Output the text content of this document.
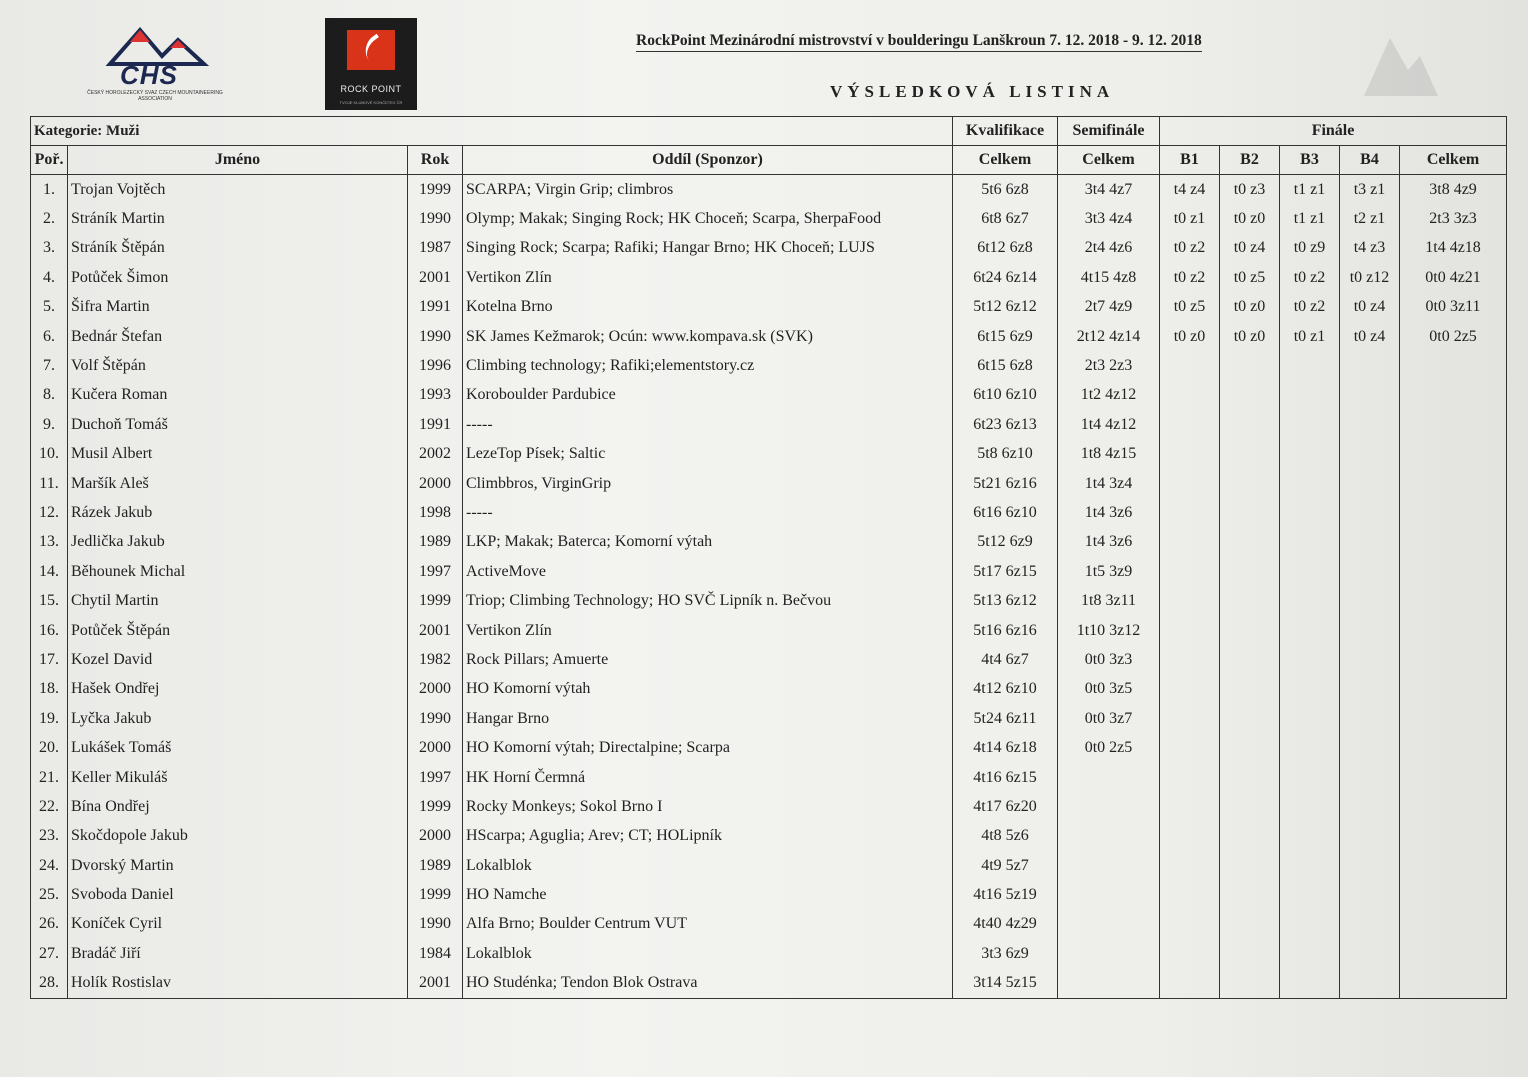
CHS
ČESKÝ HOROLEZECKÝ SVAZ CZECH MOUNTAINEERING ASSOCIATION
ROCK POINT
TVOJE KLUBOVÉ KONČETEX ČR
RockPoint Mezinárodní mistrovství v boulderingu Lanškroun 7. 12. 2018 - 9. 12. 2018
VÝSLEDKOVÁ LISTINA
Kategorie: Muži				Kvalifikace	Semifinále	Finále				
Poř.	Jméno	Rok	Oddíl (Sponzor)	Celkem	Celkem	B1	B2	B3	B4	Celkem
1.	Trojan Vojtěch	1999	SCARPA; Virgin Grip; climbros	5t6 6z8	3t4 4z7	t4 z4	t0 z3	t1 z1	t3 z1	3t8 4z9
2.	Stráník Martin	1990	Olymp; Makak; Singing Rock; HK Choceň; Scarpa, SherpaFood	6t8 6z7	3t3 4z4	t0 z1	t0 z0	t1 z1	t2 z1	2t3 3z3
3.	Stráník Štěpán	1987	Singing Rock; Scarpa; Rafiki; Hangar Brno; HK Choceň; LUJS	6t12 6z8	2t4 4z6	t0 z2	t0 z4	t0 z9	t4 z3	1t4 4z18
4.	Potůček Šimon	2001	Vertikon Zlín	6t24 6z14	4t15 4z8	t0 z2	t0 z5	t0 z2	t0 z12	0t0 4z21
5.	Šifra Martin	1991	Kotelna Brno	5t12 6z12	2t7 4z9	t0 z5	t0 z0	t0 z2	t0 z4	0t0 3z11
6.	Bednár Štefan	1990	SK James Kežmarok; Ocún: www.kompava.sk (SVK)	6t15 6z9	2t12 4z14	t0 z0	t0 z0	t0 z1	t0 z4	0t0 2z5
7.	Volf Štěpán	1996	Climbing technology; Rafiki;elementstory.cz	6t15 6z8	2t3 2z3					
8.	Kučera Roman	1993	Koroboulder Pardubice	6t10 6z10	1t2 4z12					
9.	Duchoň Tomáš	1991	-----	6t23 6z13	1t4 4z12					
10.	Musil Albert	2002	LezeTop Písek; Saltic	5t8 6z10	1t8 4z15					
11.	Maršík Aleš	2000	Climbbros, VirginGrip	5t21 6z16	1t4 3z4					
12.	Rázek Jakub	1998	-----	6t16 6z10	1t4 3z6					
13.	Jedlička Jakub	1989	LKP; Makak; Baterca; Komorní výtah	5t12 6z9	1t4 3z6					
14.	Běhounek Michal	1997	ActiveMove	5t17 6z15	1t5 3z9					
15.	Chytil Martin	1999	Triop; Climbing Technology; HO SVČ Lipník n. Bečvou	5t13 6z12	1t8 3z11					
16.	Potůček Štěpán	2001	Vertikon Zlín	5t16 6z16	1t10 3z12					
17.	Kozel David	1982	Rock Pillars; Amuerte	4t4 6z7	0t0 3z3					
18.	Hašek Ondřej	2000	HO Komorní výtah	4t12 6z10	0t0 3z5					
19.	Lyčka Jakub	1990	Hangar Brno	5t24 6z11	0t0 3z7					
20.	Lukášek Tomáš	2000	HO Komorní výtah; Directalpine; Scarpa	4t14 6z18	0t0 2z5					
21.	Keller Mikuláš	1997	HK Horní Čermná	4t16 6z15						
22.	Bína Ondřej	1999	Rocky Monkeys; Sokol Brno I	4t17 6z20						
23.	Skočdopole Jakub	2000	HScarpa; Aguglia; Arev; CT; HOLipník	4t8 5z6						
24.	Dvorský Martin	1989	Lokalblok	4t9 5z7						
25.	Svoboda Daniel	1999	HO Namche	4t16 5z19						
26.	Koníček Cyril	1990	Alfa Brno; Boulder Centrum VUT	4t40 4z29						
27.	Bradáč Jiří	1984	Lokalblok	3t3 6z9						
28.	Holík Rostislav	2001	HO Studénka; Tendon Blok Ostrava	3t14 5z15						
